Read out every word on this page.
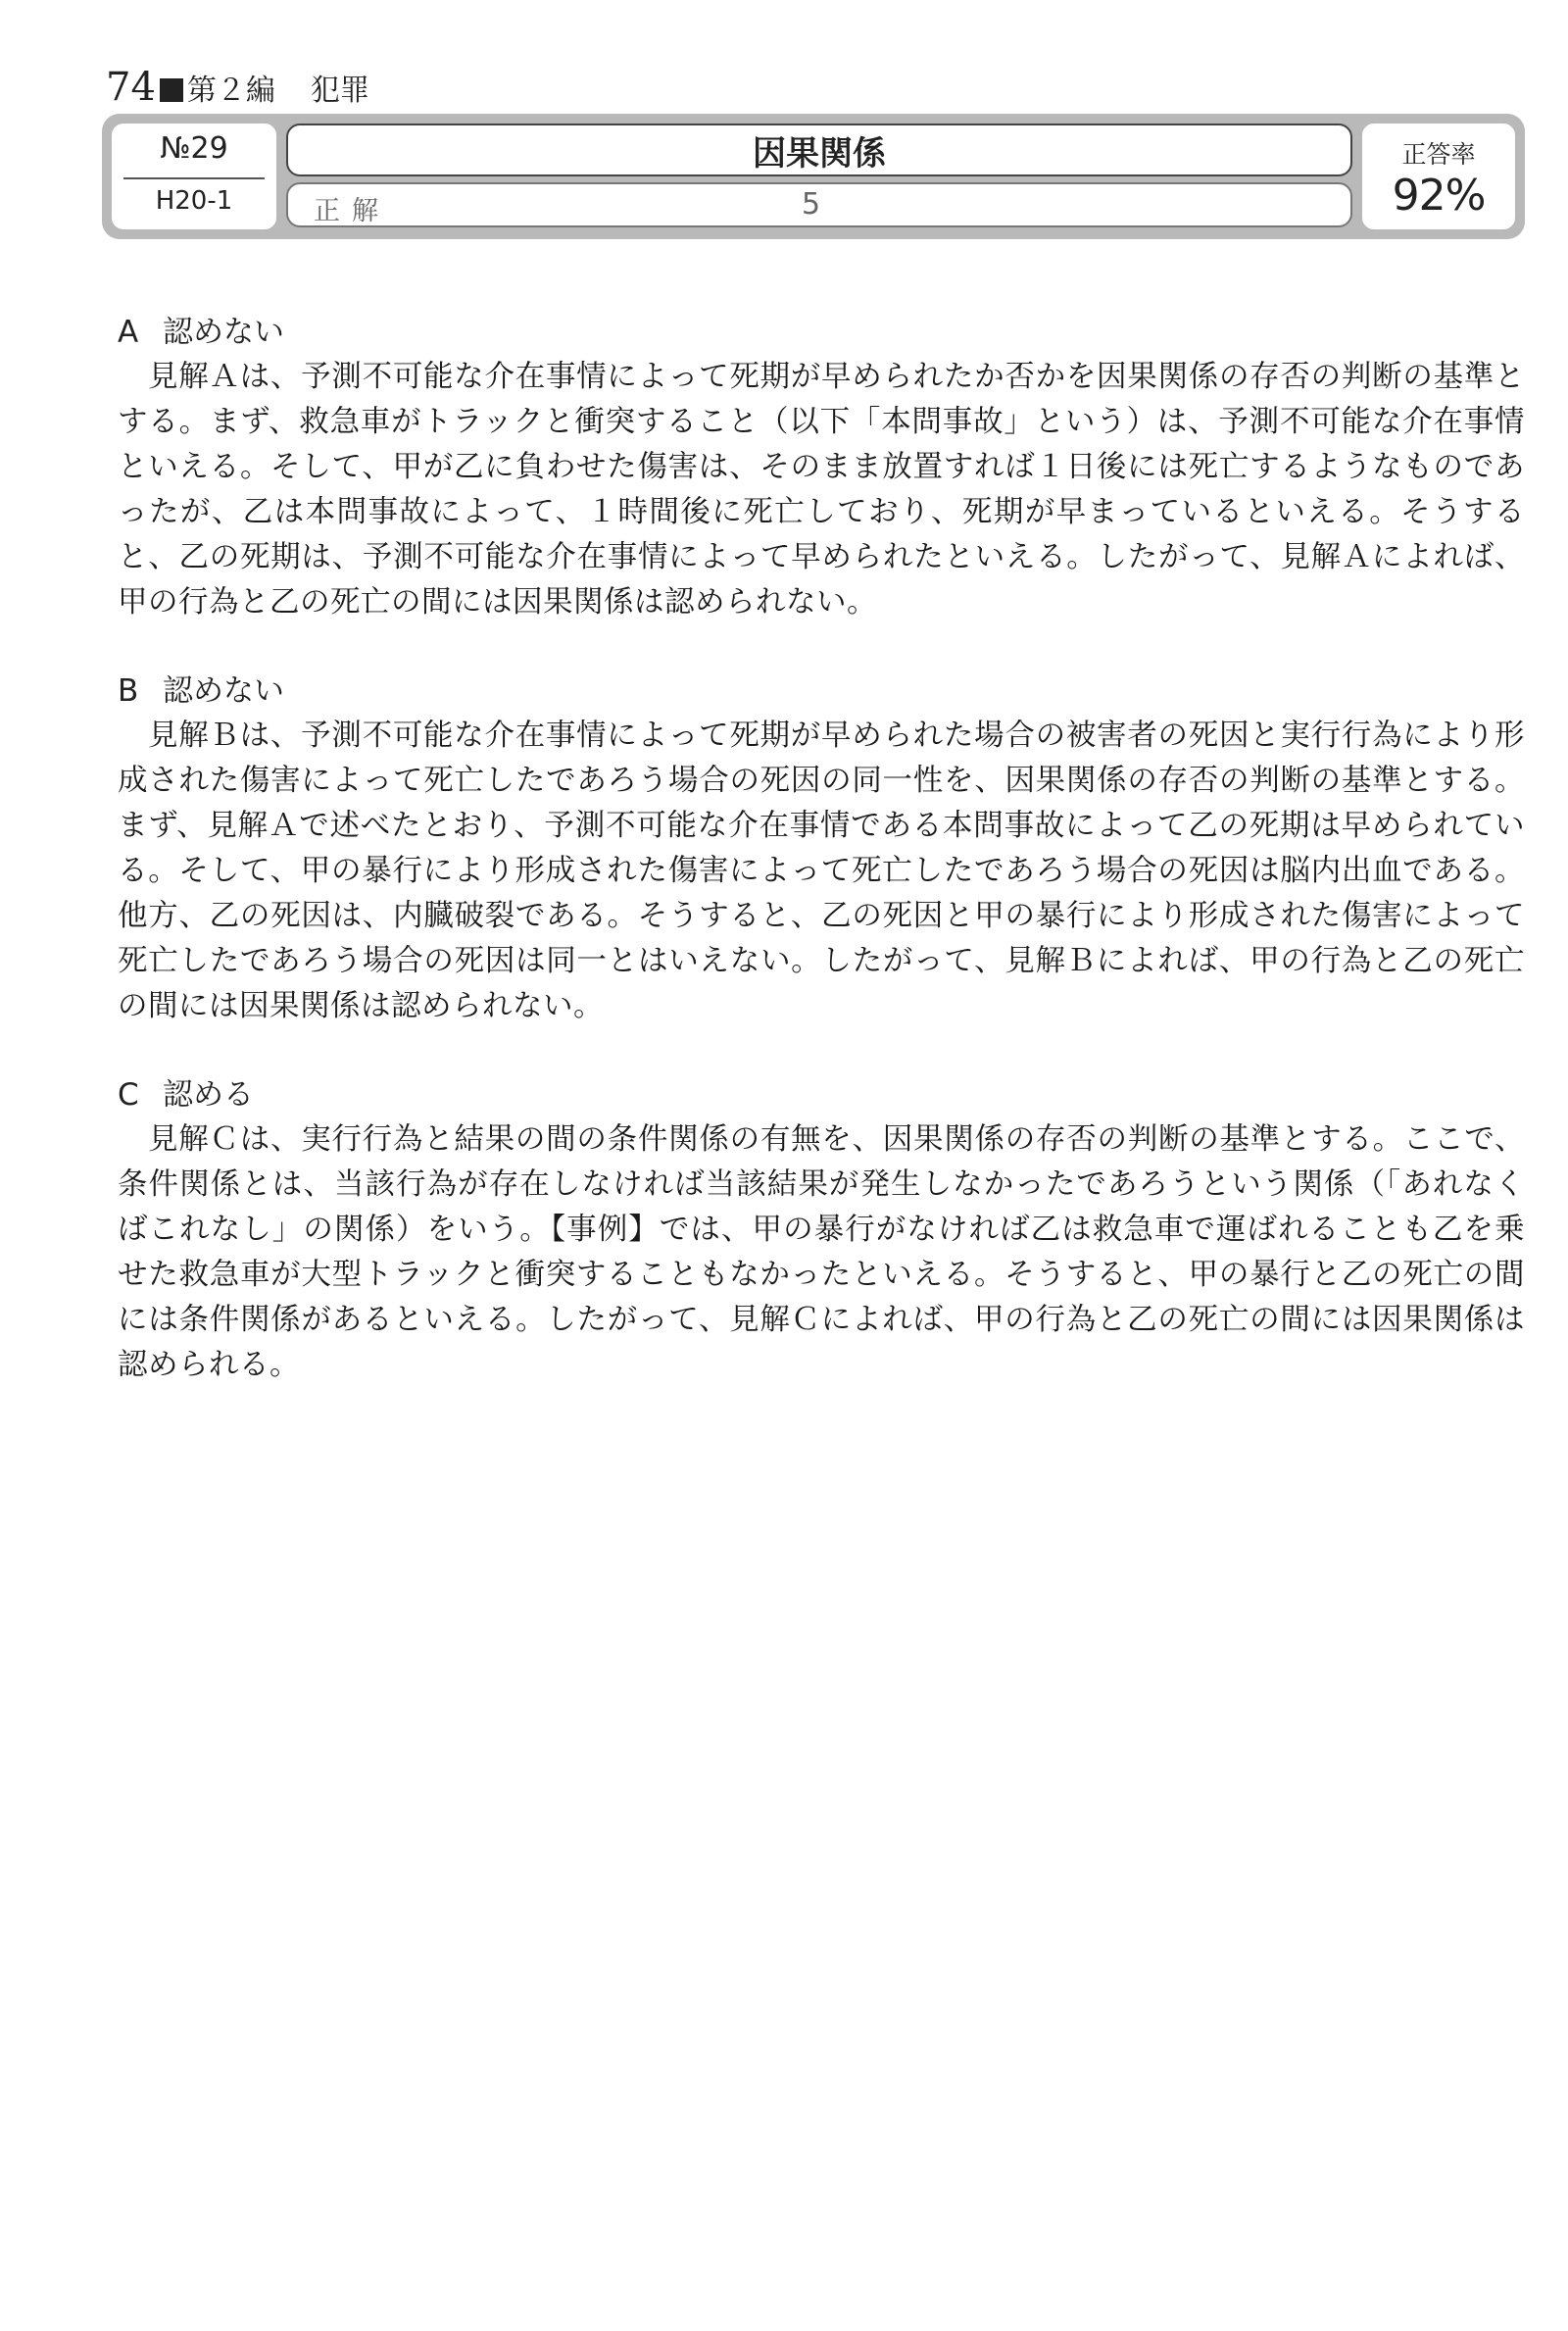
74 第２編 犯罪
№29
H20-1
因果関係
正解	5
正答率
92%
A 認めない

見解Ａは、予測不可能な介在事情によって死期が早められたか否かを因果関係の存否の判断の基準とする。まず、救急車がトラックと衝突すること（以下「本問事故」という）は、予測不可能な介在事情といえる。そして、甲が乙に負わせた傷害は、そのまま放置すれば１日後には死亡するようなものであったが、乙は本問事故によって、１時間後に死亡しており、死期が早まっているといえる。そうすると、乙の死期は、予測不可能な介在事情によって早められたといえる。したがって、見解Ａによれば、甲の行為と乙の死亡の間には因果関係は認められない。

B 認めない

見解Ｂは、予測不可能な介在事情によって死期が早められた場合の被害者の死因と実行行為により形成された傷害によって死亡したであろう場合の死因の同一性を、因果関係の存否の判断の基準とする。まず、見解Ａで述べたとおり、予測不可能な介在事情である本問事故によって乙の死期は早められている。そして、甲の暴行により形成された傷害によって死亡したであろう場合の死因は脳内出血である。他方、乙の死因は、内臓破裂である。そうすると、乙の死因と甲の暴行により形成された傷害によって死亡したであろう場合の死因は同一とはいえない。したがって、見解Ｂによれば、甲の行為と乙の死亡の間には因果関係は認められない。

C 認める

見解Ｃは、実行行為と結果の間の条件関係の有無を、因果関係の存否の判断の基準とする。ここで、条件関係とは、当該行為が存在しなければ当該結果が発生しなかったであろうという関係（「あれなくばこれなし」の関係）をいう。【事例】では、甲の暴行がなければ乙は救急車で運ばれることも乙を乗せた救急車が大型トラックと衝突することもなかったといえる。そうすると、甲の暴行と乙の死亡の間には条件関係があるといえる。したがって、見解Ｃによれば、甲の行為と乙の死亡の間には因果関係は認められる。
